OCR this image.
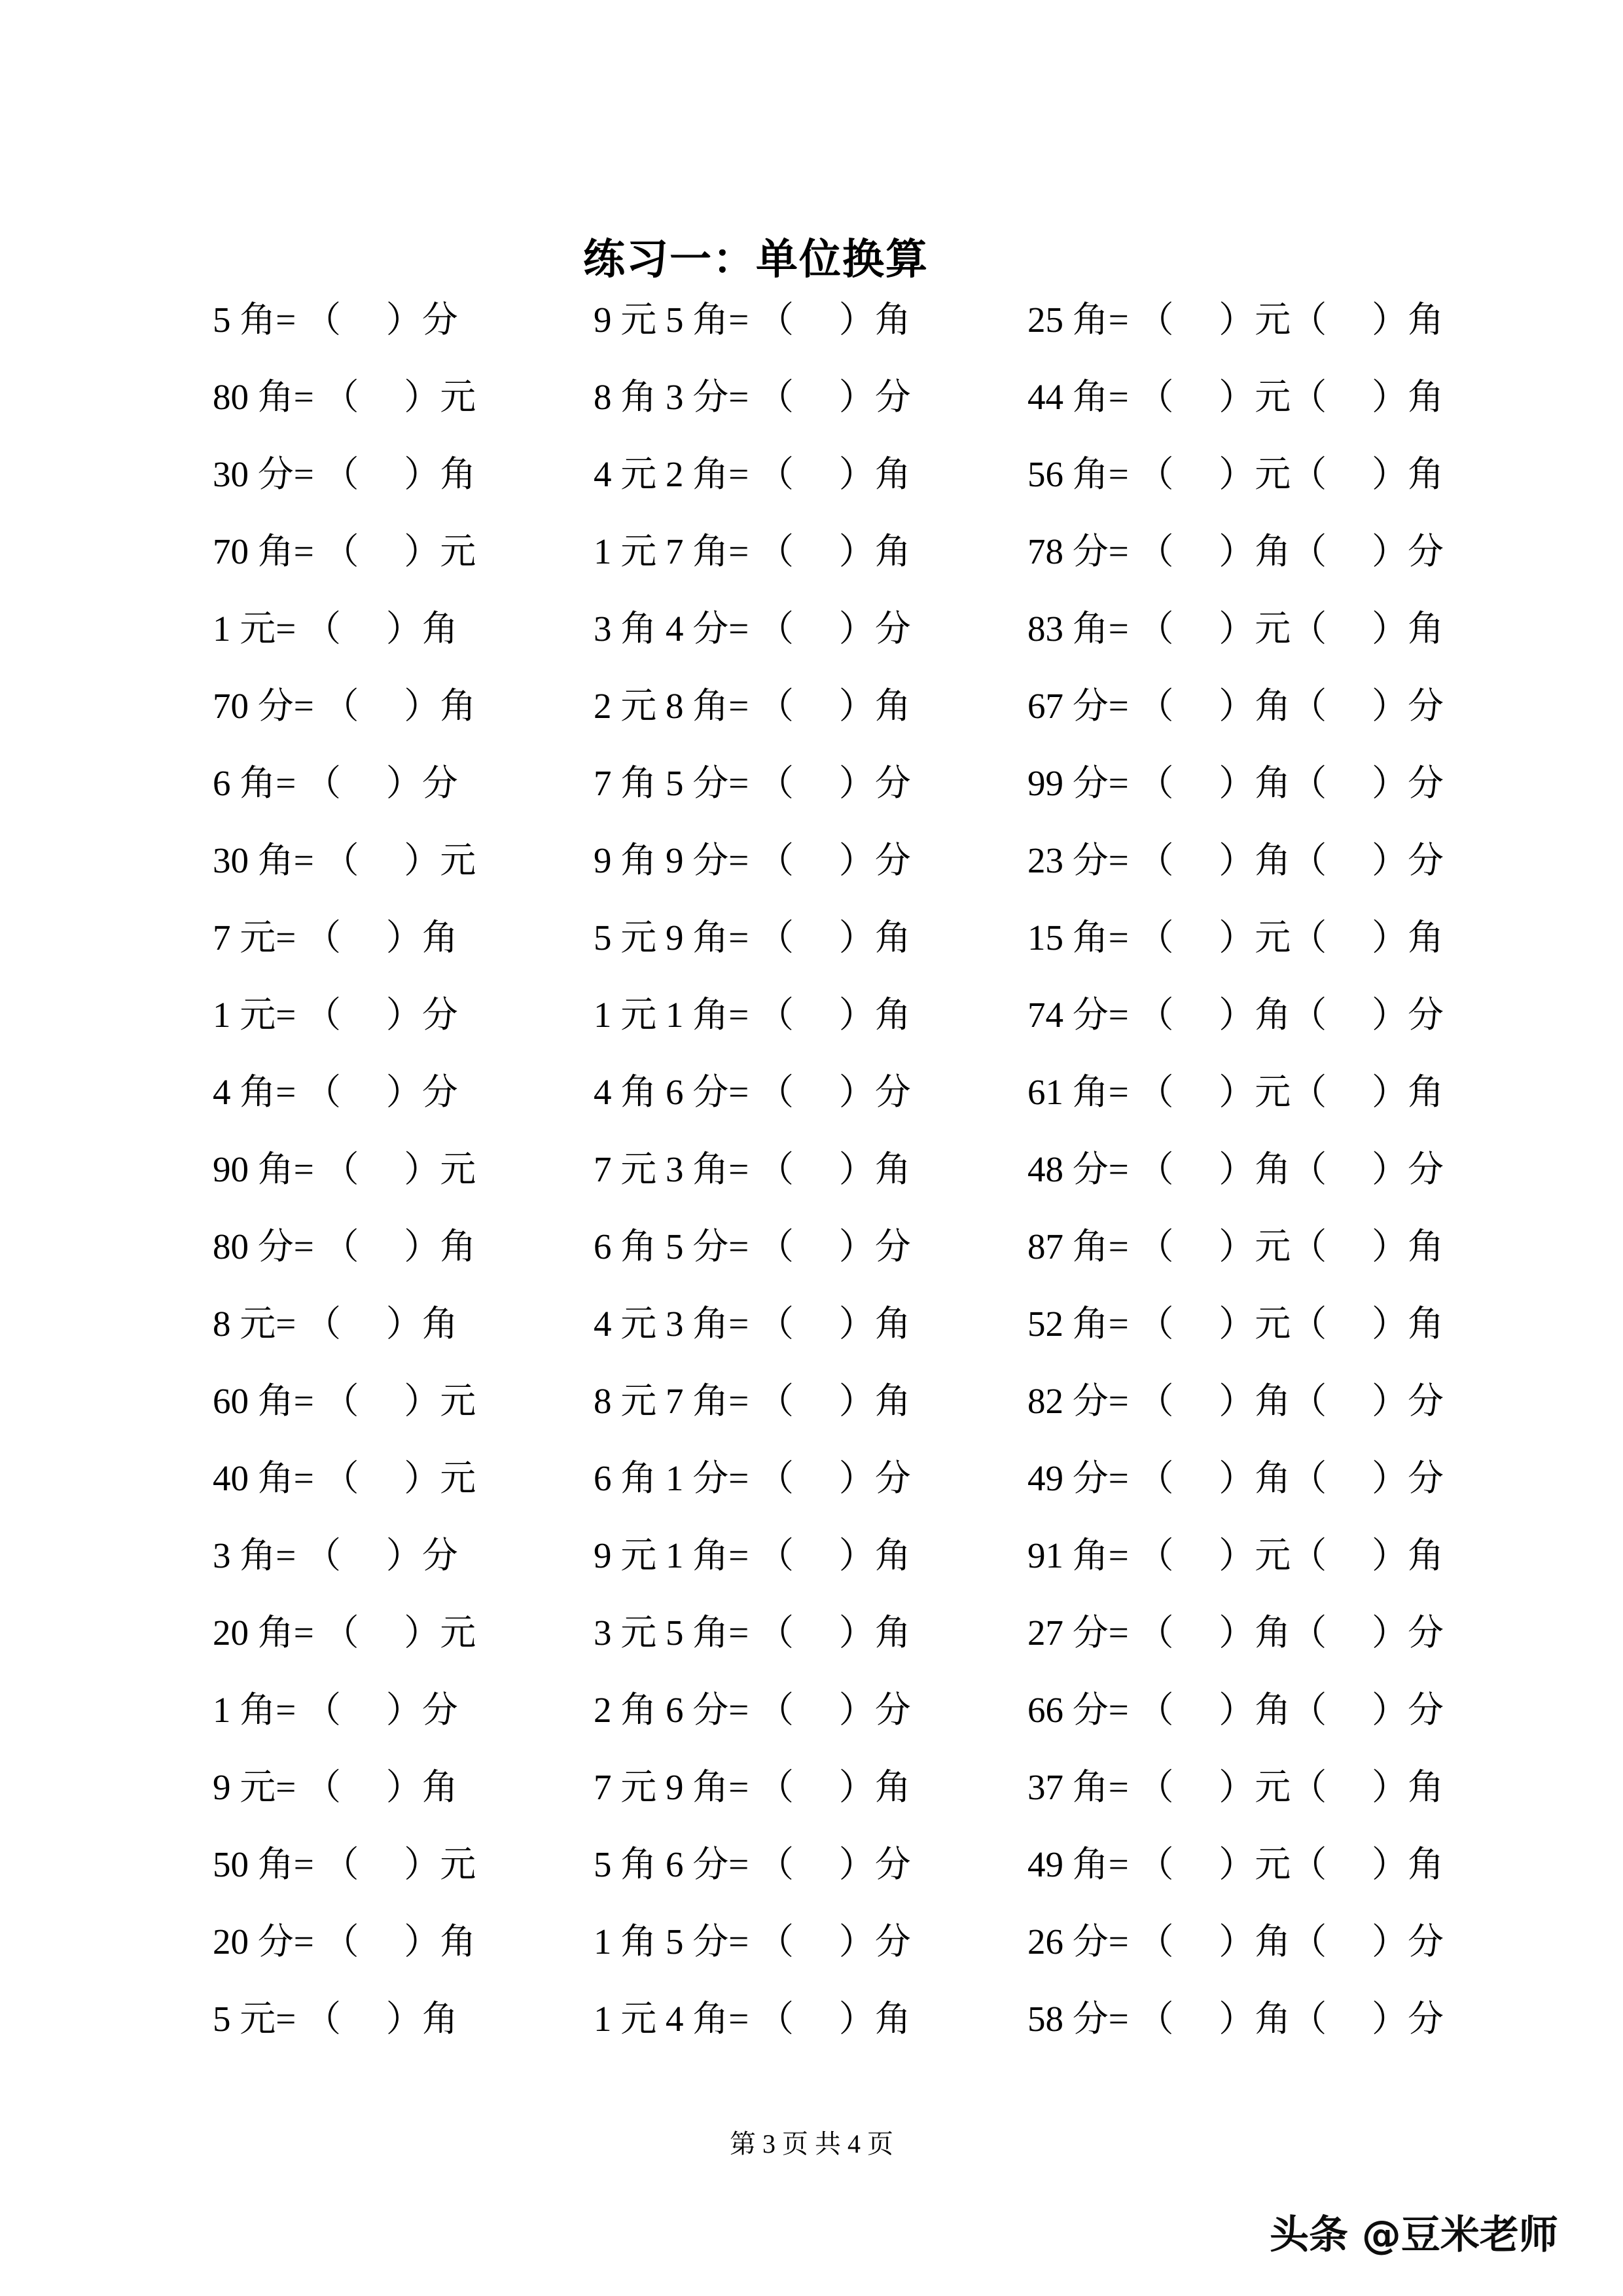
练习一：单位换算
5 角= （     ）分
80 角= （     ）元
30 分= （     ）角
70 角= （     ）元
1 元= （     ）角
70 分= （     ）角
6 角= （     ）分
30 角= （     ）元
7 元= （     ）角
1 元= （     ）分
4 角= （     ）分
90 角= （     ）元
80 分= （     ）角
8 元= （     ）角
60 角= （     ）元
40 角= （     ）元
3 角= （     ）分
20 角= （     ）元
1 角= （     ）分
9 元= （     ）角
50 角= （     ）元
20 分= （     ）角
5 元= （     ）角
9 元 5 角= （     ）角
8 角 3 分= （     ）分
4 元 2 角= （     ）角
1 元 7 角= （     ）角
3 角 4 分= （     ）分
2 元 8 角= （     ）角
7 角 5 分= （     ）分
9 角 9 分= （     ）分
5 元 9 角= （     ）角
1 元 1 角= （     ）角
4 角 6 分= （     ）分
7 元 3 角= （     ）角
6 角 5 分= （     ）分
4 元 3 角= （     ）角
8 元 7 角= （     ）角
6 角 1 分= （     ）分
9 元 1 角= （     ）角
3 元 5 角= （     ）角
2 角 6 分= （     ）分
7 元 9 角= （     ）角
5 角 6 分= （     ）分
1 角 5 分= （     ）分
1 元 4 角= （     ）角
25 角= （     ）元（     ）角
44 角= （     ）元（     ）角
56 角= （     ）元（     ）角
78 分= （     ）角（     ）分
83 角= （     ）元（     ）角
67 分= （     ）角（     ）分
99 分= （     ）角（     ）分
23 分= （     ）角（     ）分
15 角= （     ）元（     ）角
74 分= （     ）角（     ）分
61 角= （     ）元（     ）角
48 分= （     ）角（     ）分
87 角= （     ）元（     ）角
52 角= （     ）元（     ）角
82 分= （     ）角（     ）分
49 分= （     ）角（     ）分
91 角= （     ）元（     ）角
27 分= （     ）角（     ）分
66 分= （     ）角（     ）分
37 角= （     ）元（     ）角
49 角= （     ）元（     ）角
26 分= （     ）角（     ）分
58 分= （     ）角（     ）分
第 3 页 共 4 页
头条 @豆米老师
